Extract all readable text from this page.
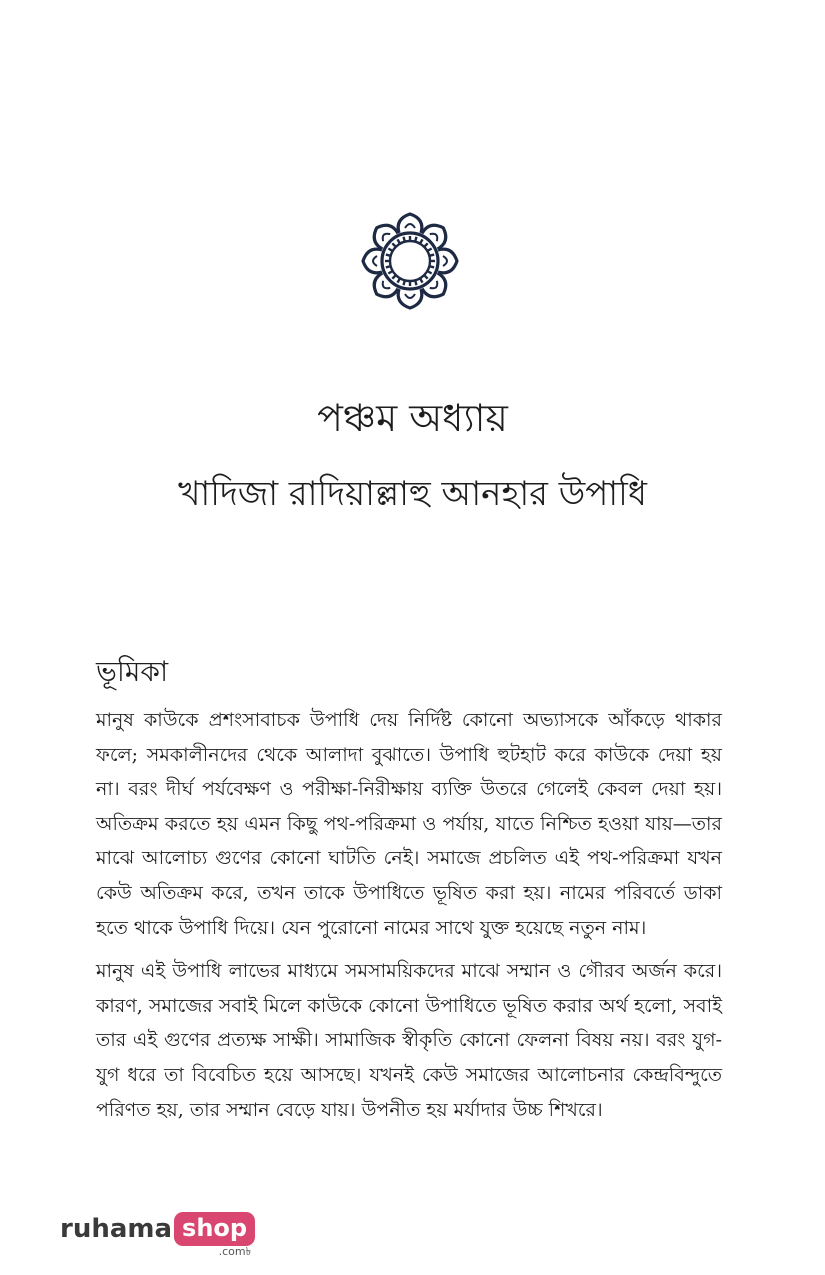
পঞ্চম অধ্যায়
খাদিজা রাদিয়াল্লাহু আনহার উপাধি
ভূমিকা

মানুষ কাউকে প্রশংসাবাচক উপাধি দেয় নির্দিষ্ট কোনো অভ্যাসকে আঁকড়ে থাকার ফলে; সমকালীনদের থেকে আলাদা বুঝাতে। উপাধি হুটহাট করে কাউকে দেয়া হয় না। বরং দীর্ঘ পর্যবেক্ষণ ও পরীক্ষা-নিরীক্ষায় ব্যক্তি উতরে গেলেই কেবল দেয়া হয়। অতিক্রম করতে হয় এমন কিছু পথ-পরিক্রমা ও পর্যায়, যাতে নিশ্চিত হওয়া যায়—তার মাঝে আলোচ্য গুণের কোনো ঘাটতি নেই। সমাজে প্রচলিত এই পথ-পরিক্রমা যখন কেউ অতিক্রম করে, তখন তাকে উপাধিতে ভূষিত করা হয়। নামের পরিবর্তে ডাকা হতে থাকে উপাধি দিয়ে। যেন পুরোনো নামের সাথে যুক্ত হয়েছে নতুন নাম।

মানুষ এই উপাধি লাভের মাধ্যমে সমসাময়িকদের মাঝে সম্মান ও গৌরব অর্জন করে। কারণ, সমাজের সবাই মিলে কাউকে কোনো উপাধিতে ভূষিত করার অর্থ হলো, সবাই তার এই গুণের প্রত্যক্ষ সাক্ষী। সামাজিক স্বীকৃতি কোনো ফেলনা বিষয় নয়। বরং যুগ-যুগ ধরে তা বিবেচিত হয়ে আসছে। যখনই কেউ সমাজের আলোচনার কেন্দ্রবিন্দুতে পরিণত হয়, তার সম্মান বেড়ে যায়। উপনীত হয় মর্যাদার উচ্চ শিখরে।

ruhama shop
.com৳
